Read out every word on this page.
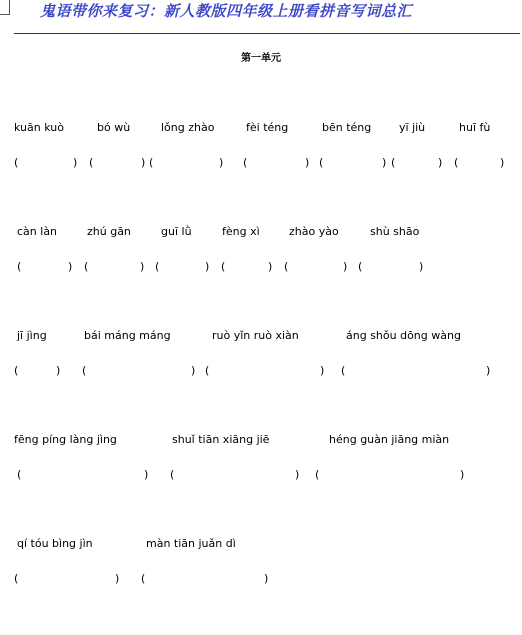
鬼语带你来复习：新人教版四年级上册看拼音写词总汇
第一单元
kuān kuò	bó wù	lǒng zhào	fèi téng	bēn téng	yī jiù	huī fù
(	) (	) (	) (	) (	) (	) (	)
càn làn	zhú gān	guī lǜ	fèng xì	zhào yào	shù shāo
(	) (	) (	) (	) (	) (	)
jī jìng	bái máng máng	ruò yǐn ruò xiàn	áng shǒu dōng wàng
(	) (	) (	) (	)
fēng píng làng jìng	shuǐ tiān xiāng jiē	héng guàn jiāng miàn
(	) (	) (	)
qí tóu bìng jìn	màn tiān juǎn dì
(	) (	)
